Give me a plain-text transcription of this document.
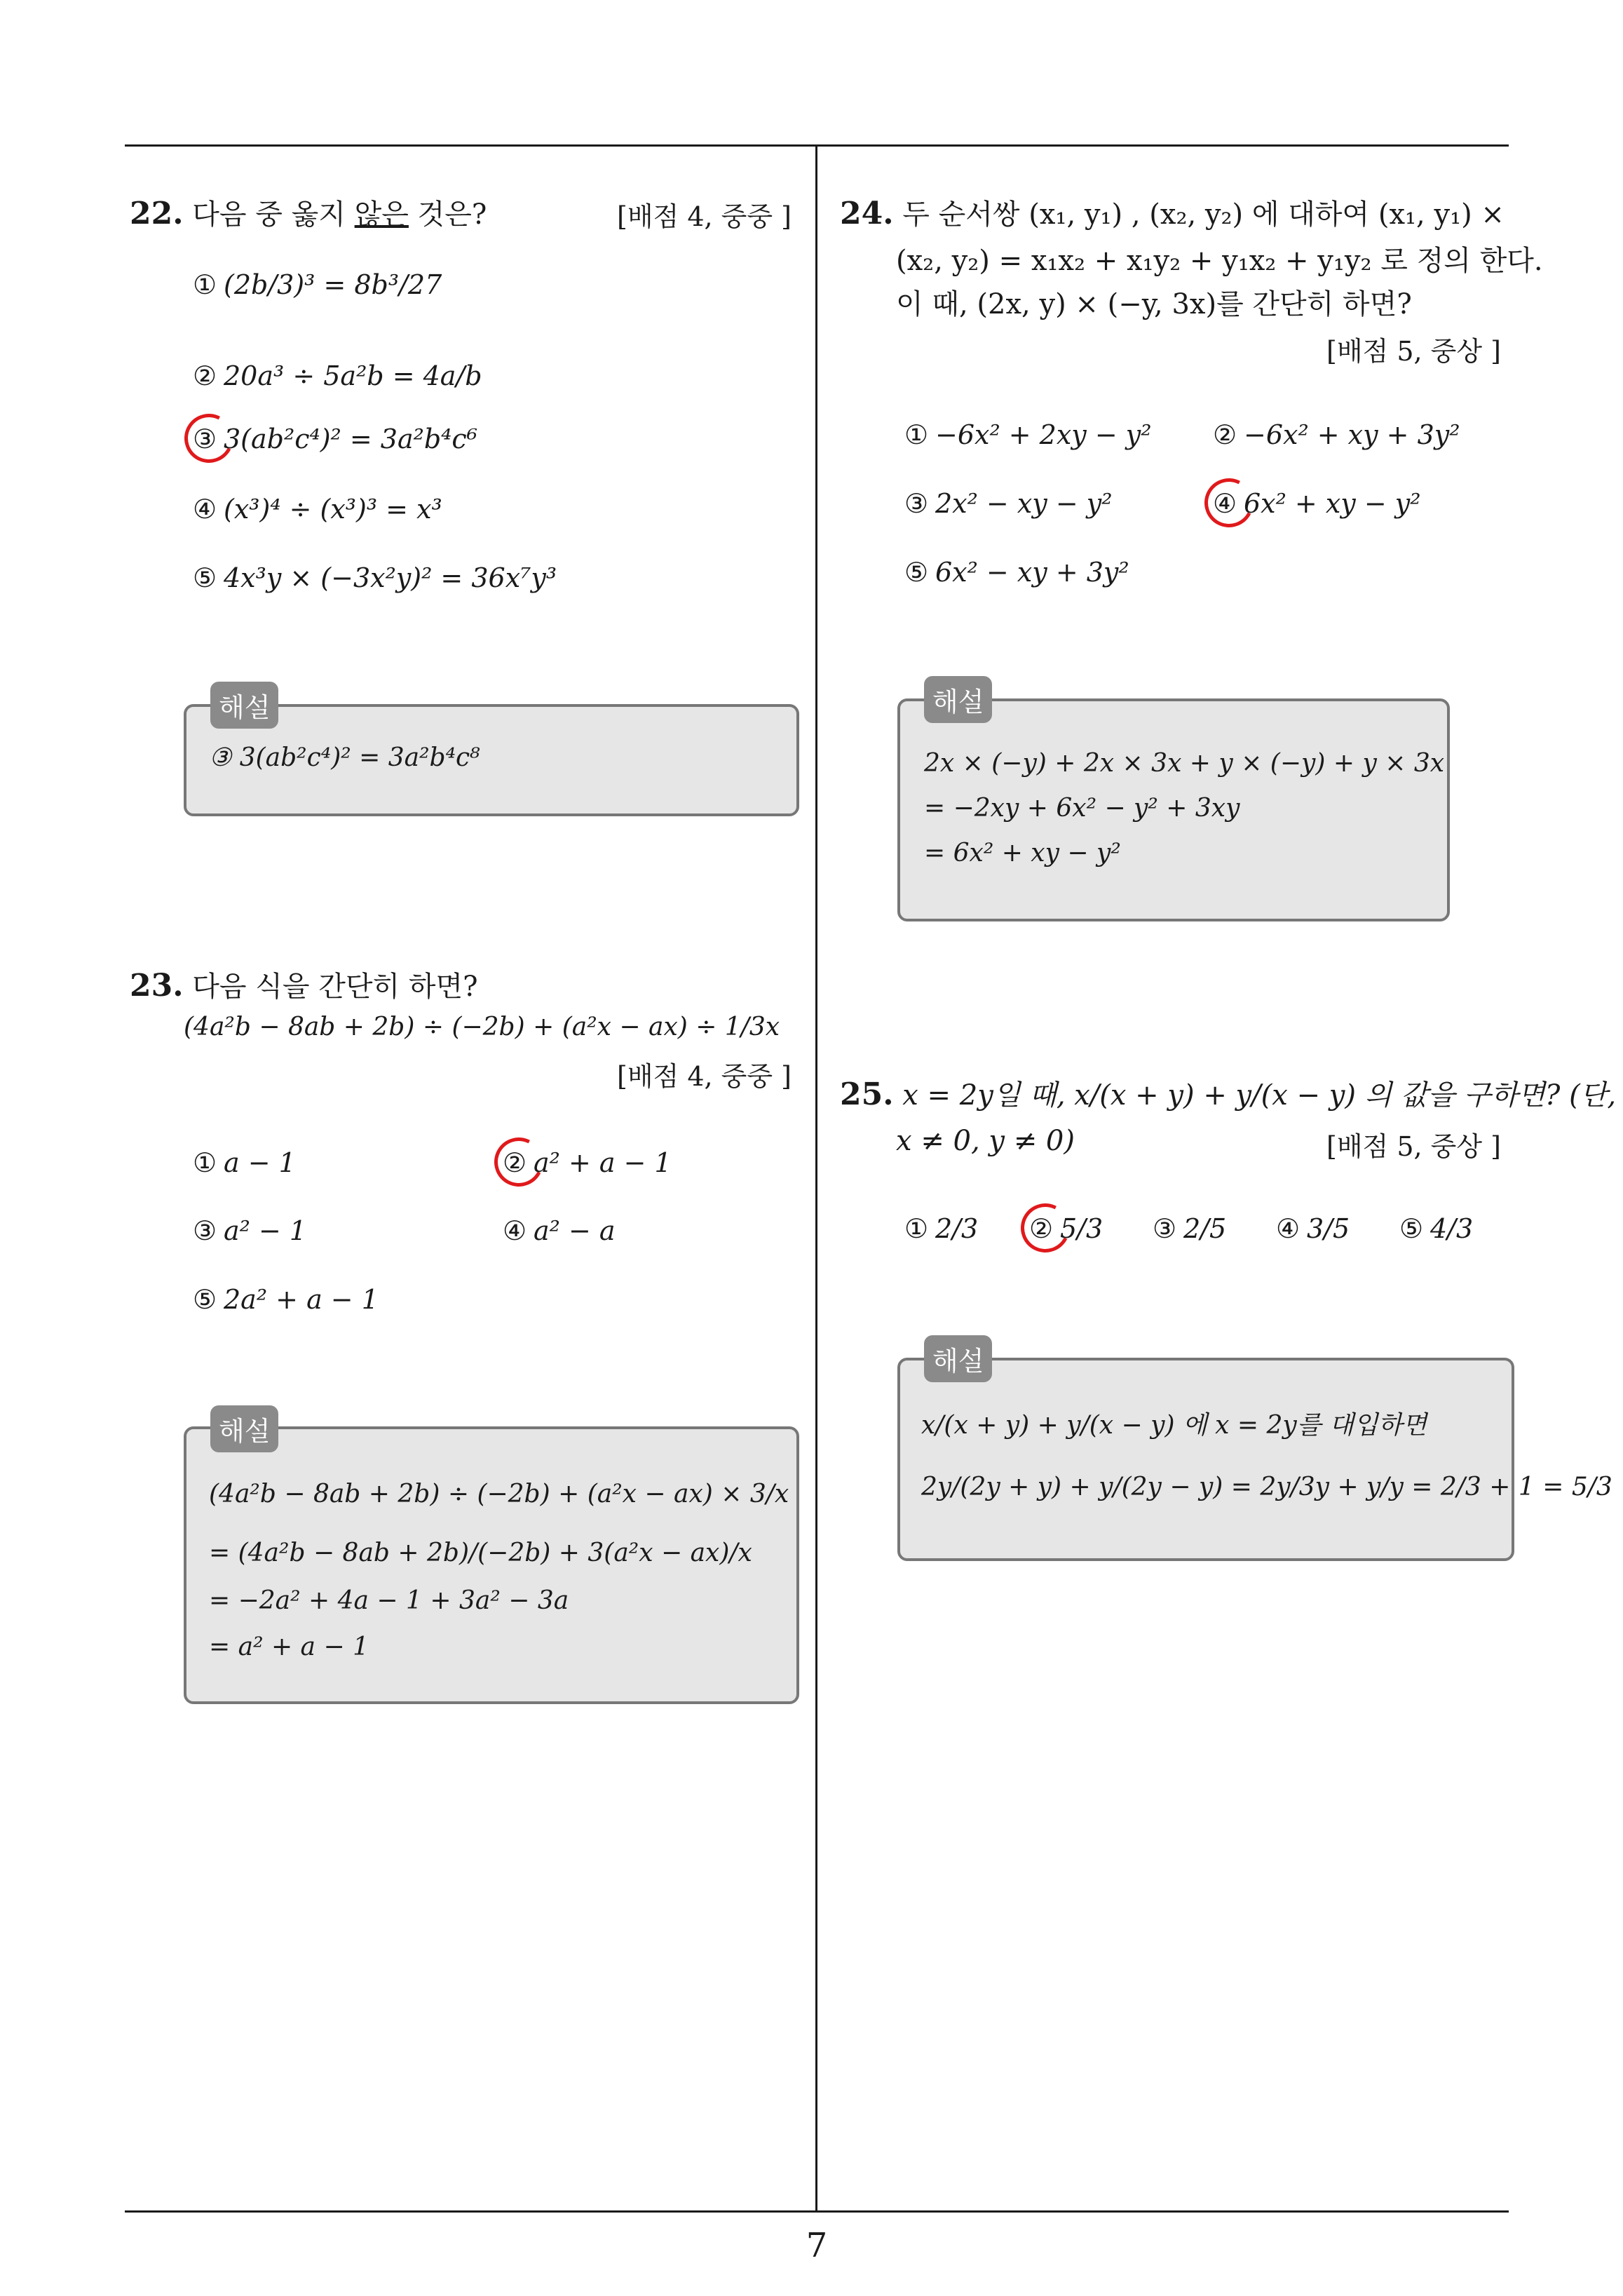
7
22. 다음 중 옳지 않은 것은?	[배점 4, 중중 ]
① (2b/3)³ = 8b³/27
② 20a³ ÷ 5a²b = 4a/b
③ 3(ab²c⁴)² = 3a²b⁴c⁶
④ (x³)⁴ ÷ (x³)³ = x³
⑤ 4x³y × (−3x²y)² = 36x⁷y³
해설
③ 3(ab²c⁴)² = 3a²b⁴c⁸
23. 다음 식을 간단히 하면?
(4a²b − 8ab + 2b) ÷ (−2b) + (a²x − ax) ÷ 1/3x
[배점 4, 중중 ]
① a − 1	② a² + a − 1
③ a² − 1	④ a² − a
⑤ 2a² + a − 1
해설
(4a²b − 8ab + 2b) ÷ (−2b) + (a²x − ax) × 3/x
= (4a²b − 8ab + 2b)/(−2b) + 3(a²x − ax)/x
= −2a² + 4a − 1 + 3a² − 3a
= a² + a − 1
24. 두 순서쌍 (x₁, y₁) , (x₂, y₂) 에 대하여 (x₁, y₁) ×
(x₂, y₂) = x₁x₂ + x₁y₂ + y₁x₂ + y₁y₂ 로 정의 한다.
이 때, (2x, y) × (−y, 3x)를 간단히 하면?
[배점 5, 중상 ]
① −6x² + 2xy − y² ② −6x² + xy + 3y²
③ 2x² − xy − y²	④ 6x² + xy − y²
⑤ 6x² − xy + 3y²
해설
2x × (−y) + 2x × 3x + y × (−y) + y × 3x
= −2xy + 6x² − y² + 3xy
= 6x² + xy − y²
25. x = 2y일 때, x/(x + y) + y/(x − y) 의 값을 구하면? (단,
x ≠ 0, y ≠ 0)	[배점 5, 중상 ]
① 2/3 ② 5/3 ③ 2/5 ④ 3/5 ⑤ 4/3
해설
x/(x + y) + y/(x − y) 에 x = 2y를 대입하면
2y/(2y + y) + y/(2y − y) = 2y/3y + y/y = 2/3 + 1 = 5/3
